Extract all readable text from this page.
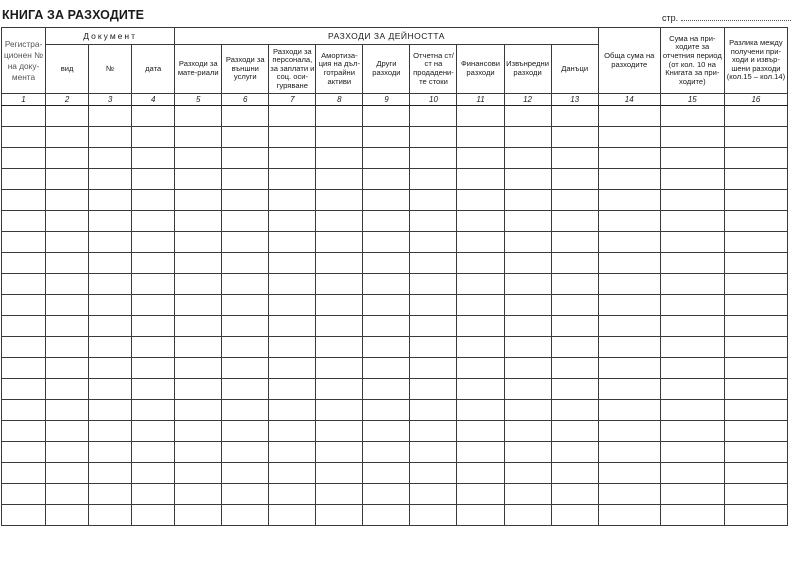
КНИГА ЗА РАЗХОДИТЕ	стр.
Регистра-ционен № на доку-мента	Документ			РАЗХОДИ ЗА ДЕЙНОСТТА									Обща сума на разходите	Сума на при-ходите за отчетния период (от кол. 10 на Книгата за при-ходите)	Разлика между получени при-ходи и извър-шени разходи (кол.15 – кол.14)
	вид	№	дата	Разходи за мате-риали	Разходи за външни услуги	Разходи за персонала, за заплати и соц. оси-гуряване	Амортиза-ция на дъл-готрайни активи	Други разходи	Отчетна ст/ст на продадени-те стоки	Финансови разходи	Извънредни разходи	Данъци			
1	2	3	4	5	6	7	8	9	10	11	12	13	14	15	16
